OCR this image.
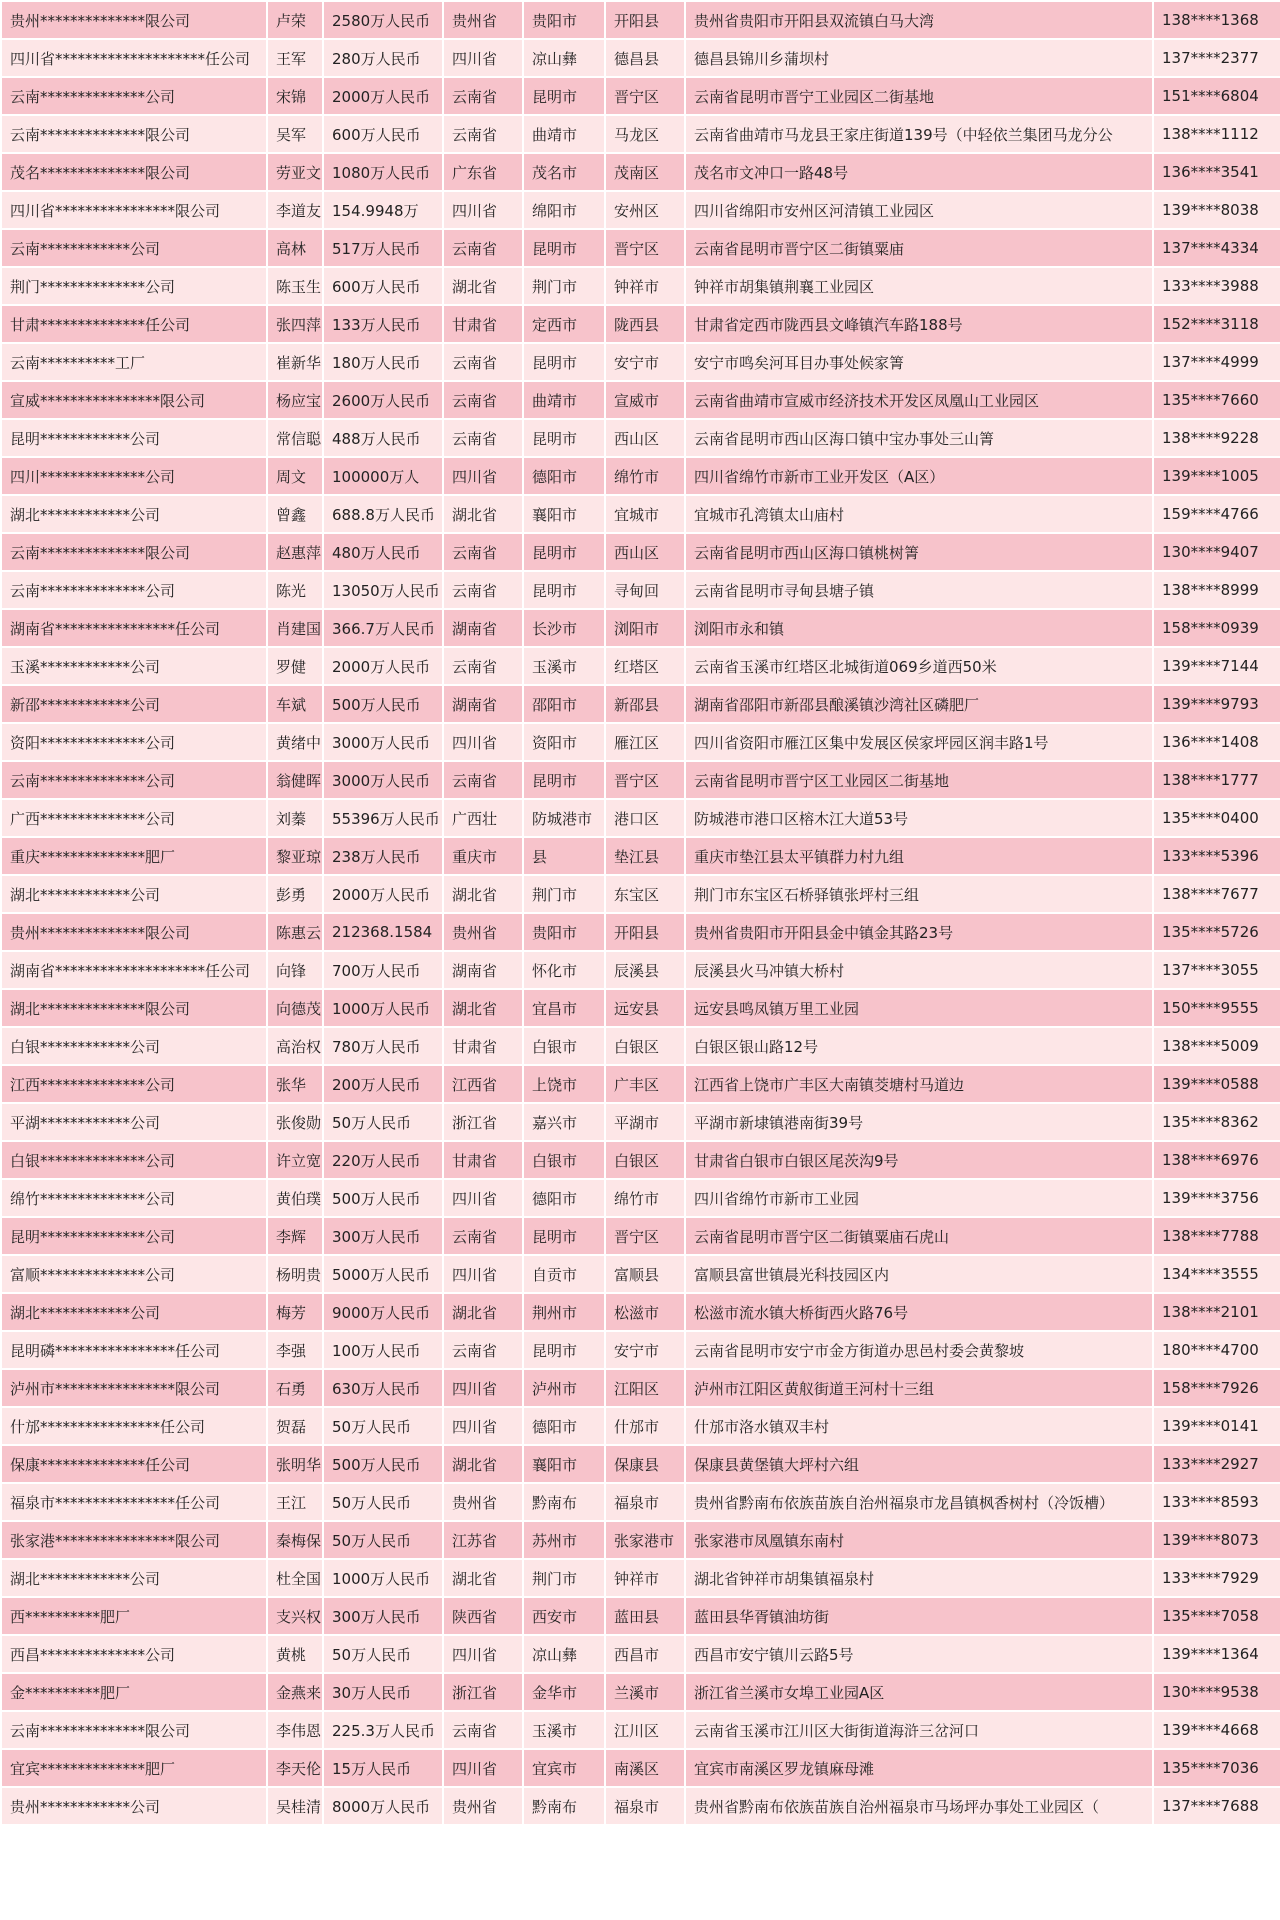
贵州**************限公司	卢荣	2580万人民币	贵州省	贵阳市	开阳县	贵州省贵阳市开阳县双流镇白马大湾	138****1368
四川省********************任公司	王军	280万人民币	四川省	凉山彝	德昌县	德昌县锦川乡蒲坝村	137****2377
云南**************公司	宋锦	2000万人民币	云南省	昆明市	晋宁区	云南省昆明市晋宁工业园区二街基地	151****6804
云南**************限公司	吴军	600万人民币	云南省	曲靖市	马龙区	云南省曲靖市马龙县王家庄街道139号（中轻依兰集团马龙分公	138****1112
茂名**************限公司	劳亚文	1080万人民币	广东省	茂名市	茂南区	茂名市文冲口一路48号	136****3541
四川省****************限公司	李道友	154.9948万	四川省	绵阳市	安州区	四川省绵阳市安州区河清镇工业园区	139****8038
云南************公司	高林	517万人民币	云南省	昆明市	晋宁区	云南省昆明市晋宁区二街镇粟庙	137****4334
荆门**************公司	陈玉生	600万人民币	湖北省	荆门市	钟祥市	钟祥市胡集镇荆襄工业园区	133****3988
甘肃**************任公司	张四萍	133万人民币	甘肃省	定西市	陇西县	甘肃省定西市陇西县文峰镇汽车路188号	152****3118
云南**********工厂	崔新华	180万人民币	云南省	昆明市	安宁市	安宁市鸣矣河耳目办事处候家箐	137****4999
宣威****************限公司	杨应宝	2600万人民币	云南省	曲靖市	宣威市	云南省曲靖市宣威市经济技术开发区凤凰山工业园区	135****7660
昆明************公司	常信聪	488万人民币	云南省	昆明市	西山区	云南省昆明市西山区海口镇中宝办事处三山箐	138****9228
四川**************公司	周文	100000万人	四川省	德阳市	绵竹市	四川省绵竹市新市工业开发区（A区）	139****1005
湖北************公司	曾鑫	688.8万人民币	湖北省	襄阳市	宜城市	宜城市孔湾镇太山庙村	159****4766
云南**************限公司	赵惠萍	480万人民币	云南省	昆明市	西山区	云南省昆明市西山区海口镇桃树箐	130****9407
云南**************公司	陈光	13050万人民币	云南省	昆明市	寻甸回	云南省昆明市寻甸县塘子镇	138****8999
湖南省****************任公司	肖建国	366.7万人民币	湖南省	长沙市	浏阳市	浏阳市永和镇	158****0939
玉溪************公司	罗健	2000万人民币	云南省	玉溪市	红塔区	云南省玉溪市红塔区北城街道069乡道西50米	139****7144
新邵************公司	车斌	500万人民币	湖南省	邵阳市	新邵县	湖南省邵阳市新邵县酿溪镇沙湾社区磷肥厂	139****9793
资阳**************公司	黄绪中	3000万人民币	四川省	资阳市	雁江区	四川省资阳市雁江区集中发展区侯家坪园区润丰路1号	136****1408
云南**************公司	翁健晖	3000万人民币	云南省	昆明市	晋宁区	云南省昆明市晋宁区工业园区二街基地	138****1777
广西**************公司	刘蓁	55396万人民币	广西壮	防城港市	港口区	防城港市港口区榕木江大道53号	135****0400
重庆**************肥厂	黎亚琼	238万人民币	重庆市	县	垫江县	重庆市垫江县太平镇群力村九组	133****5396
湖北************公司	彭勇	2000万人民币	湖北省	荆门市	东宝区	荆门市东宝区石桥驿镇张坪村三组	138****7677
贵州**************限公司	陈惠云	212368.1584	贵州省	贵阳市	开阳县	贵州省贵阳市开阳县金中镇金其路23号	135****5726
湖南省********************任公司	向锋	700万人民币	湖南省	怀化市	辰溪县	辰溪县火马冲镇大桥村	137****3055
湖北**************限公司	向德茂	1000万人民币	湖北省	宜昌市	远安县	远安县鸣凤镇万里工业园	150****9555
白银************公司	高治权	780万人民币	甘肃省	白银市	白银区	白银区银山路12号	138****5009
江西**************公司	张华	200万人民币	江西省	上饶市	广丰区	江西省上饶市广丰区大南镇茭塘村马道边	139****0588
平湖************公司	张俊勋	50万人民币	浙江省	嘉兴市	平湖市	平湖市新埭镇港南街39号	135****8362
白银**************公司	许立宽	220万人民币	甘肃省	白银市	白银区	甘肃省白银市白银区尾茨沟9号	138****6976
绵竹**************公司	黄伯璞	500万人民币	四川省	德阳市	绵竹市	四川省绵竹市新市工业园	139****3756
昆明**************公司	李辉	300万人民币	云南省	昆明市	晋宁区	云南省昆明市晋宁区二街镇粟庙石虎山	138****7788
富顺**************公司	杨明贵	5000万人民币	四川省	自贡市	富顺县	富顺县富世镇晨光科技园区内	134****3555
湖北************公司	梅芳	9000万人民币	湖北省	荆州市	松滋市	松滋市流水镇大桥街西火路76号	138****2101
昆明磷****************任公司	李强	100万人民币	云南省	昆明市	安宁市	云南省昆明市安宁市金方街道办思邑村委会黄黎坡	180****4700
泸州市****************限公司	石勇	630万人民币	四川省	泸州市	江阳区	泸州市江阳区黄舣街道王河村十三组	158****7926
什邡****************任公司	贺磊	50万人民币	四川省	德阳市	什邡市	什邡市洛水镇双丰村	139****0141
保康**************任公司	张明华	500万人民币	湖北省	襄阳市	保康县	保康县黄堡镇大坪村六组	133****2927
福泉市****************任公司	王江	50万人民币	贵州省	黔南布	福泉市	贵州省黔南布依族苗族自治州福泉市龙昌镇枫香树村（冷饭槽）	133****8593
张家港****************限公司	秦梅保	50万人民币	江苏省	苏州市	张家港市	张家港市凤凰镇东南村	139****8073
湖北************公司	杜全国	1000万人民币	湖北省	荆门市	钟祥市	湖北省钟祥市胡集镇福泉村	133****7929
西**********肥厂	支兴权	300万人民币	陕西省	西安市	蓝田县	蓝田县华胥镇油坊街	135****7058
西昌**************公司	黄桃	50万人民币	四川省	凉山彝	西昌市	西昌市安宁镇川云路5号	139****1364
金**********肥厂	金燕来	30万人民币	浙江省	金华市	兰溪市	浙江省兰溪市女埠工业园A区	130****9538
云南**************限公司	李伟恩	225.3万人民币	云南省	玉溪市	江川区	云南省玉溪市江川区大街街道海浒三岔河口	139****4668
宜宾**************肥厂	李天伦	15万人民币	四川省	宜宾市	南溪区	宜宾市南溪区罗龙镇麻母滩	135****7036
贵州************公司	吴桂清	8000万人民币	贵州省	黔南布	福泉市	贵州省黔南布依族苗族自治州福泉市马场坪办事处工业园区（	137****7688
